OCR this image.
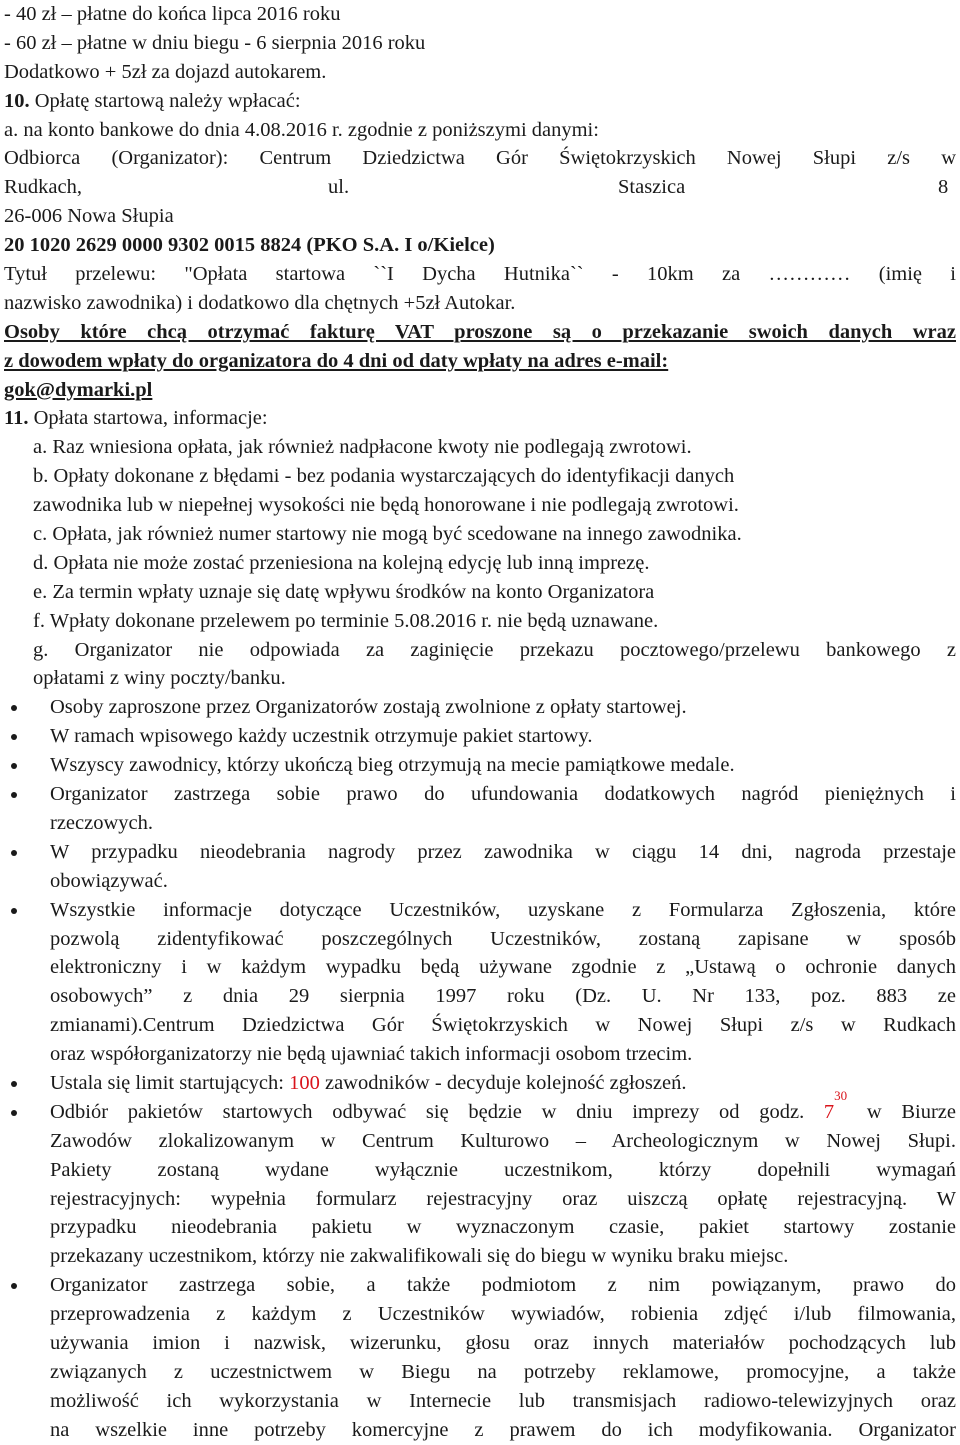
- 40 zł – płatne do końca lipca 2016 roku
- 60 zł – płatne w dniu biegu - 6 sierpnia 2016 roku
Dodatkowo + 5zł za dojazd autokarem.
10. Opłatę startową należy wpłacać:
a. na konto bankowe do dnia 4.08.2016 r. zgodnie z poniższymi danymi:
Odbiorca (Organizator): Centrum Dziedzictwa Gór Świętokrzyskich Nowej Słupi z/s w
Rudkach,	ul.	Staszica	8
26-006 Nowa Słupia
20 1020 2629 0000 9302 0015 8824 (PKO S.A. I o/Kielce)
Tytuł przelewu: "Opłata startowa ``I Dycha Hutnika`` - 10km za ………… (imię i
nazwisko zawodnika) i dodatkowo dla chętnych +5zł Autokar.
Osoby które chcą otrzymać fakturę VAT proszone są o przekazanie swoich danych wraz
z dowodem wpłaty do organizatora do 4 dni od daty wpłaty na adres e-mail:
gok@dymarki.pl
11. Opłata startowa, informacje:
a. Raz wniesiona opłata, jak również nadpłacone kwoty nie podlegają zwrotowi.
b. Opłaty dokonane z błędami - bez podania wystarczających do identyfikacji danych
zawodnika lub w niepełnej wysokości nie będą honorowane i nie podlegają zwrotowi.
c. Opłata, jak również numer startowy nie mogą być scedowane na innego zawodnika.
d. Opłata nie może zostać przeniesiona na kolejną edycję lub inną imprezę.
e. Za termin wpłaty uznaje się datę wpływu środków na konto Organizatora
f. Wpłaty dokonane przelewem po terminie 5.08.2016 r. nie będą uznawane.
g. Organizator nie odpowiada za zaginięcie przekazu pocztowego/przelewu bankowego z
opłatami z winy poczty/banku.
Osoby zaproszone przez Organizatorów zostają zwolnione z opłaty startowej.
W ramach wpisowego każdy uczestnik otrzymuje pakiet startowy.
Wszyscy zawodnicy, którzy ukończą bieg otrzymują na mecie pamiątkowe medale.
Organizator zastrzega sobie prawo do ufundowania dodatkowych nagród pieniężnych i
rzeczowych.
W przypadku nieodebrania nagrody przez zawodnika w ciągu 14 dni, nagroda przestaje
obowiązywać.
Wszystkie informacje dotyczące Uczestników, uzyskane z Formularza Zgłoszenia, które
pozwolą zidentyfikować poszczególnych Uczestników, zostaną zapisane w sposób
elektroniczny i w każdym wypadku będą używane zgodnie z „Ustawą o ochronie danych
osobowych” z dnia 29 sierpnia 1997 roku (Dz. U. Nr 133, poz. 883 ze
zmianami).Centrum Dziedzictwa Gór Świętokrzyskich w Nowej Słupi z/s w Rudkach
oraz współorganizatorzy nie będą ujawniać takich informacji osobom trzecim.
Ustala się limit startujących: 100 zawodników - decyduje kolejność zgłoszeń.
Odbiór pakietów startowych odbywać się będzie w dniu imprezy od godz. $7^{30}$ w Biurze
Zawodów zlokalizowanym w Centrum Kulturowo – Archeologicznym w Nowej Słupi.
Pakiety zostaną wydane wyłącznie uczestnikom, którzy dopełnili wymagań
rejestracyjnych: wypełnia formularz rejestracyjny oraz uiszczą opłatę rejestracyjną. W
przypadku nieodebrania pakietu w wyznaczonym czasie, pakiet startowy zostanie
przekazany uczestnikom, którzy nie zakwalifikowali się do biegu w wyniku braku miejsc.
Organizator zastrzega sobie, a także podmiotom z nim powiązanym, prawo do
przeprowadzenia z każdym z Uczestników wywiadów, robienia zdjęć i/lub filmowania,
używania imion i nazwisk, wizerunku, głosu oraz innych materiałów pochodzących lub
związanych z uczestnictwem w Biegu na potrzeby reklamowe, promocyjne, a także
możliwość ich wykorzystania w Internecie lub transmisjach radiowo-telewizyjnych oraz
na wszelkie inne potrzeby komercyjne z prawem do ich modyfikowania. Organizator
